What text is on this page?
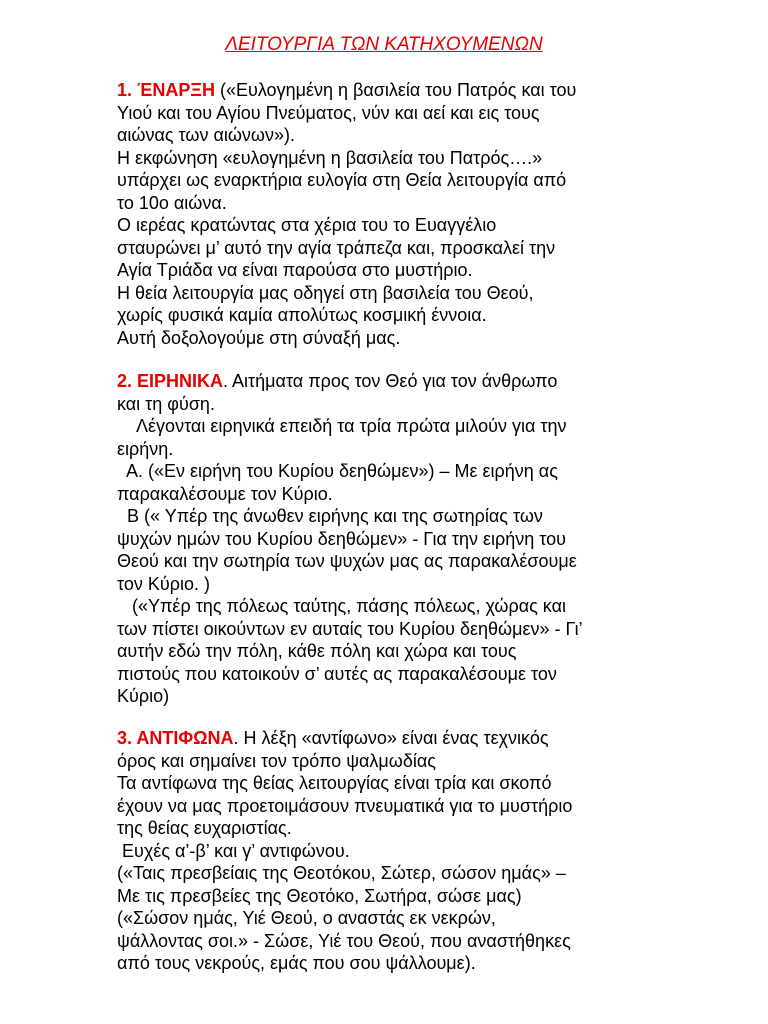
ΛΕΙΤΟΥΡΓΙΑ ΤΩΝ ΚΑΤΗΧΟΥΜΕΝΩΝ
1. ΈΝΑΡΞΗ («Ευλογημένη η βασιλεία του Πατρός και του
Υιού και του Αγίου Πνεύματος, νύν και αεί και εις τους
αιώνας των αιώνων»).
Η εκφώνηση «ευλογημένη η βασιλεία του Πατρός….»
υπάρχει ως εναρκτήρια ευλογία στη Θεία λειτουργία από
το 10ο αιώνα.
Ο ιερέας κρατώντας στα χέρια του το Ευαγγέλιο
σταυρώνει μ’ αυτό την αγία τράπεζα και, προσκαλεί την
Αγία Τριάδα να είναι παρούσα στο μυστήριο.
Η θεία λειτουργία μας οδηγεί στη βασιλεία του Θεού,
χωρίς φυσικά καμία απολύτως κοσμική έννοια.
Αυτή δοξολογούμε στη σύναξή μας.
2. ΕΙΡΗΝΙΚΑ. Αιτήματα προς τον Θεό για τον άνθρωπο
και τη φύση.
Λέγονται ειρηνικά επειδή τα τρία πρώτα μιλούν για την
ειρήνη.
Α. («Εν ειρήνη του Κυρίου δεηθώμεν») – Με ειρήνη ας
παρακαλέσουμε τον Κύριο.
Β (« Υπέρ της άνωθεν ειρήνης και της σωτηρίας των
ψυχών ημών του Κυρίου δεηθώμεν» - Για την ειρήνη του
Θεού και την σωτηρία των ψυχών μας ας παρακαλέσουμε
τον Κύριο. )
(«Υπέρ της πόλεως ταύτης, πάσης πόλεως, χώρας και
των πίστει οικούντων εν αυταίς του Κυρίου δεηθώμεν» - Γι’
αυτήν εδώ την πόλη, κάθε πόλη και χώρα και τους
πιστούς που κατοικούν σ’ αυτές ας παρακαλέσουμε τον
Κύριο)
3. ΑΝΤΙΦΩΝΑ. Η λέξη «αντίφωνο» είναι ένας τεχνικός
όρος και σημαίνει τον τρόπο ψαλμωδίας
Τα αντίφωνα της θείας λειτουργίας είναι τρία και σκοπό
έχουν να μας προετοιμάσουν πνευματικά για το μυστήριο
της θείας ευχαριστίας.
Ευχές α’-β’ και γ’ αντιφώνου.
(«Ταις πρεσβείαις της Θεοτόκου, Σώτερ, σώσον ημάς» –
Με τις πρεσβείες της Θεοτόκο, Σωτήρα, σώσε μας)
(«Σώσον ημάς, Υιέ Θεού, ο αναστάς εκ νεκρών,
ψάλλοντας σοι.» - Σώσε, Υιέ του Θεού, που αναστήθηκες
από τους νεκρούς, εμάς που σου ψάλλουμε).
